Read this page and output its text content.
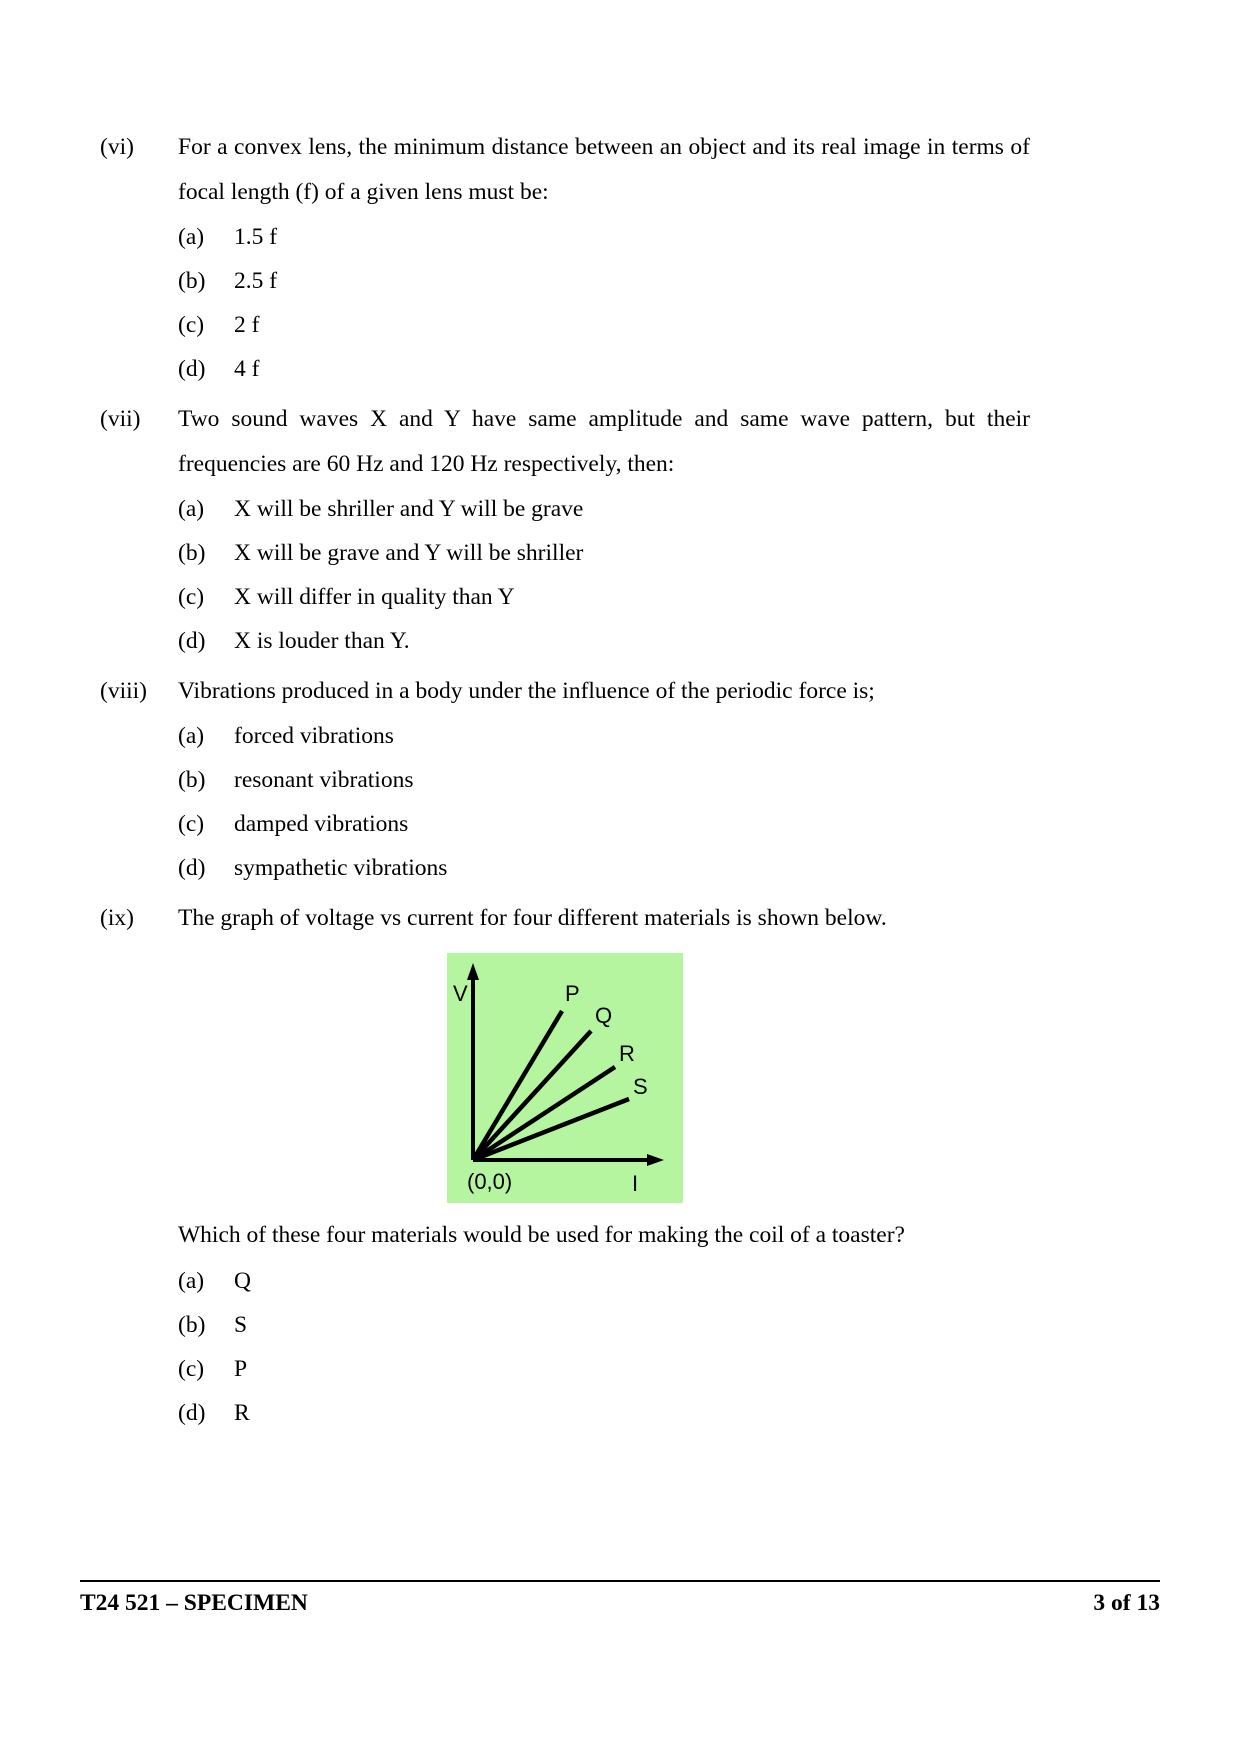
(vi)	For a convex lens, the minimum distance between an object and its real image in terms of focal length (f) of a given lens must be:
(a)	1.5 f
(b)	2.5 f
(c)	2 f
(d)	4 f
(vii)	Two sound waves X and Y have same amplitude and same wave pattern, but their frequencies are 60 Hz and 120 Hz respectively, then:
(a)	X will be shriller and Y will be grave
(b)	X will be grave and Y will be shriller
(c)	X will differ in quality than Y
(d)	X is louder than Y.
(viii)	Vibrations produced in a body under the influence of the periodic force is;
(a)	forced vibrations
(b)	resonant vibrations
(c)	damped vibrations
(d)	sympathetic vibrations
(ix)	The graph of voltage vs current for four different materials is shown below.
V
I
(0,0)
P
Q
R
S
Which of these four materials would be used for making the coil of a toaster?
(a)	Q
(b)	S
(c)	P
(d)	R
T24 521 – SPECIMEN	3 of 13
